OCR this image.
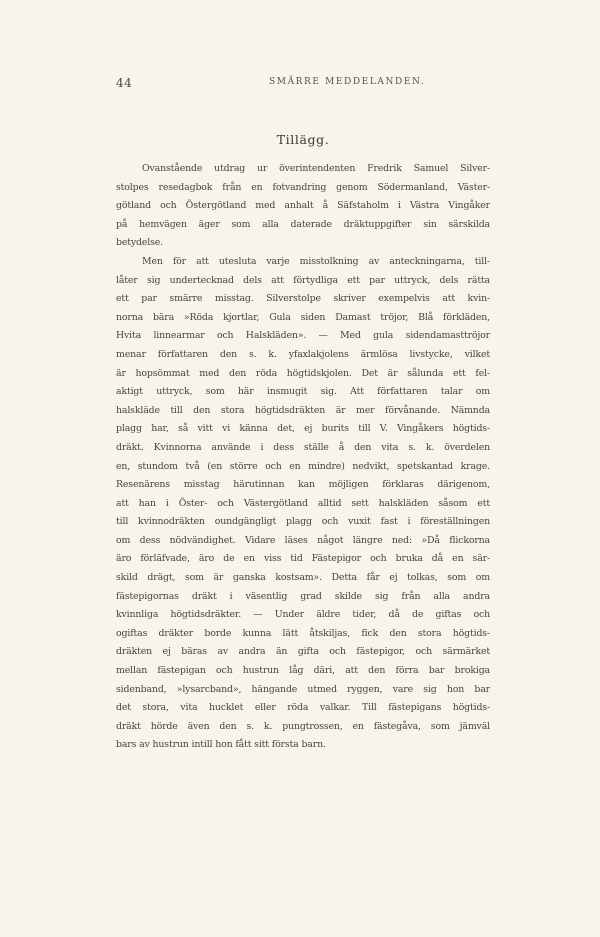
44	SMÄRRE MEDDELANDEN.
Tillägg.
Ovanstående utdrag ur överintendenten Fredrik Samuel Silver-
stolpes resedagbok från en fotvandring genom Södermanland, Väster-
götland och Östergötland med anhalt å Säfstaholm i Västra Vingåker
på hemvägen äger som alla daterade dräktuppgifter sin särskilda
betydelse.
Men för att utesluta varje misstolkning av anteckningarna, till-
låter sig undertecknad dels att förtydliga ett par uttryck, dels rätta
ett par smärre misstag. Silverstolpe skriver exempelvis att kvin-
norna bära »Röda kjortlar, Gula siden Damast tröjor, Blå förkläden,
Hvita linnearmar och Halskläden». — Med gula sidendamasttröjor
menar författaren den s. k. yfaxlakjolens ärmlösa livstycke, vilket
är hopsömmat med den röda högtidskjolen. Det är sålunda ett fel-
aktigt uttryck, som här insmugit sig. Att författaren talar om
halskläde till den stora högtidsdräkten är mer förvånande. Nämnda
plagg har, så vitt vi känna det, ej burits till V. Vingåkers högtids-
dräkt. Kvinnorna använde i dess ställe å den vita s. k. överdelen
en, stundom två (en större och en mindre) nedvikt, spetskantad krage.
Resenärens misstag härutinnan kan möjligen förklaras därigenom,
att han i Öster- och Västergötland alltid sett halskläden såsom ett
till kvinnodräkten oundgängligt plagg och vuxit fast i föreställningen
om dess nödvändighet. Vidare läses något längre ned: »Då flickorna
äro förläfvade, äro de en viss tid Fästepigor och bruka då en sär-
skild drägt, som är ganska kostsam». Detta får ej tolkas, som om
fästepigornas dräkt i väsentlig grad skilde sig från alla andra
kvinnliga högtidsdräkter. — Under äldre tider, då de giftas och
ogiftas dräkter borde kunna lätt åtskiljas, fick den stora högtids-
dräkten ej bäras av andra än gifta och fästepigor, och särmärket
mellan fästepigan och hustrun låg däri, att den förra bar brokiga
sidenband, »lysarcband», hängande utmed ryggen, vare sig hon bar
det stora, vita hucklet eller röda valkar. Till fästepigans högtids-
dräkt hörde även den s. k. pungtrossen, en fästegåva, som jämväl
bars av hustrun intill hon fått sitt första barn.
